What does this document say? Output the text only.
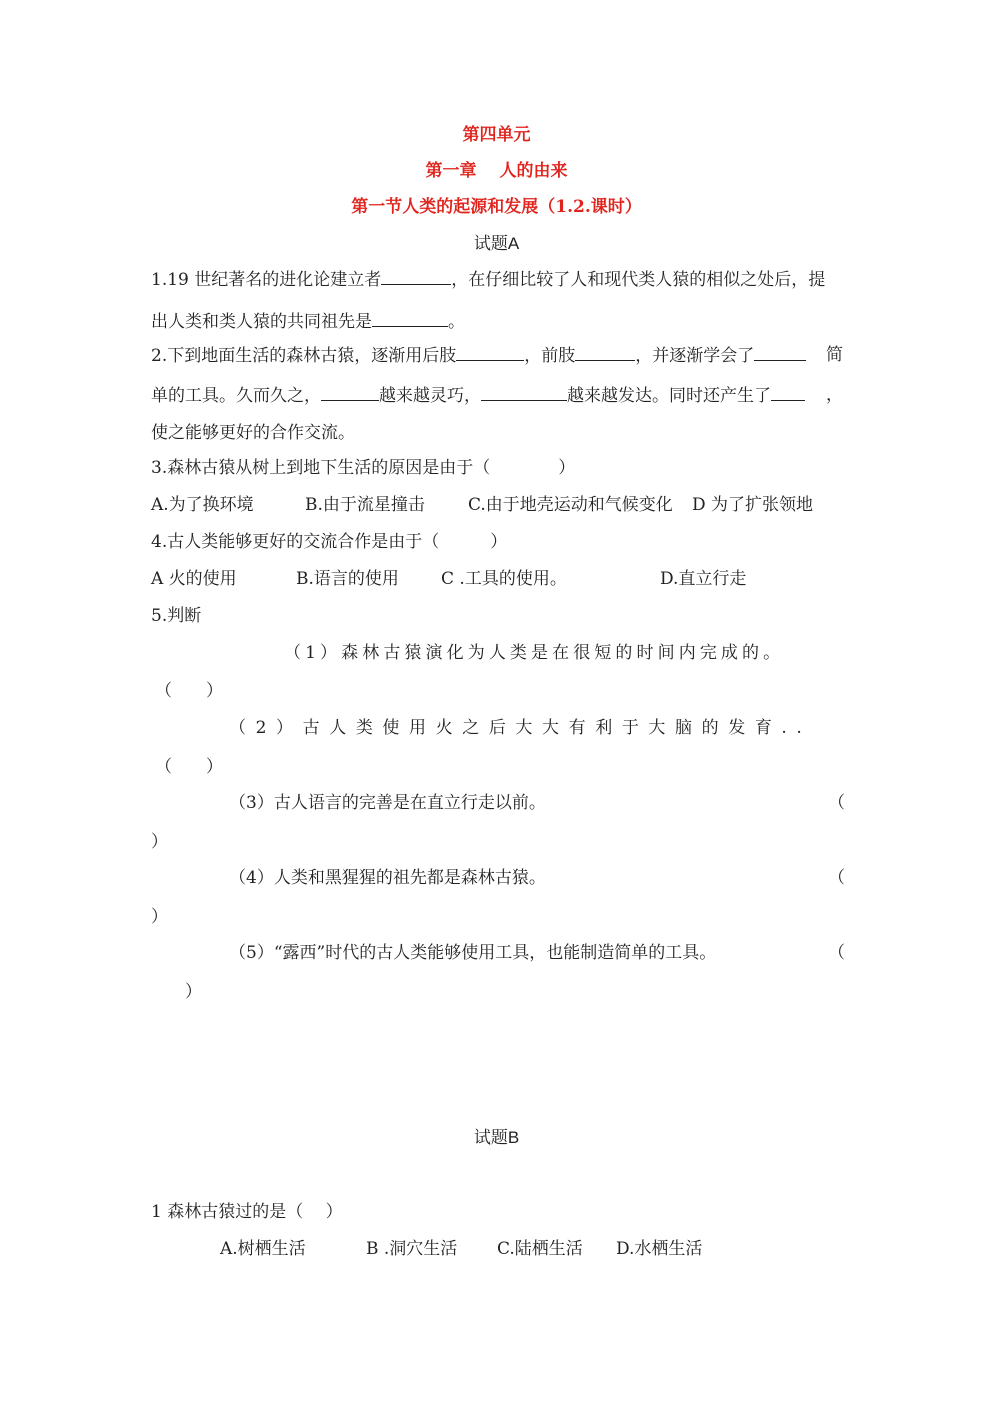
第四单元
第一章　 人的由来
第一节人类的起源和发展（1.2.课时）
试题A
1.19 世纪著名的进化论建立者	，在仔细比较了人和现代类人猿的相似之处后，提
出人类和类人猿的共同祖先是	。
2.下到地面生活的森林古猿，逐渐用后肢	，前肢	，并逐渐学会了	简
单的工具。久而久之，	越来越灵巧，	越来越发达。同时还产生了	，
使之能够更好的合作交流。
3.森林古猿从树上到地下生活的原因是由于（　　　　）
A.为了换环境	B.由于流星撞击	C.由于地壳运动和气候变化 D 为了扩张领地
4.古人类能够更好的交流合作是由于（　　　）
A 火的使用	B.语言的使用 C .工具的使用。	D.直立行走
5.判断
（1）森林古猿演化为人类是在很短的时间内完成的。
（　　）
（2）古人类使用火之后大大有利于大脑的发育..
（　　）
（3）古人语言的完善是在直立行走以前。	（
）
（4）人类和黑猩猩的祖先都是森林古猿。	（
）
（5）“露西”时代的古人类能够使用工具，也能制造简单的工具。	（
）
试题B
1 森林古猿过的是（　 ）
A.树栖生活	B .洞穴生活 C.陆栖生活 D.水栖生活
